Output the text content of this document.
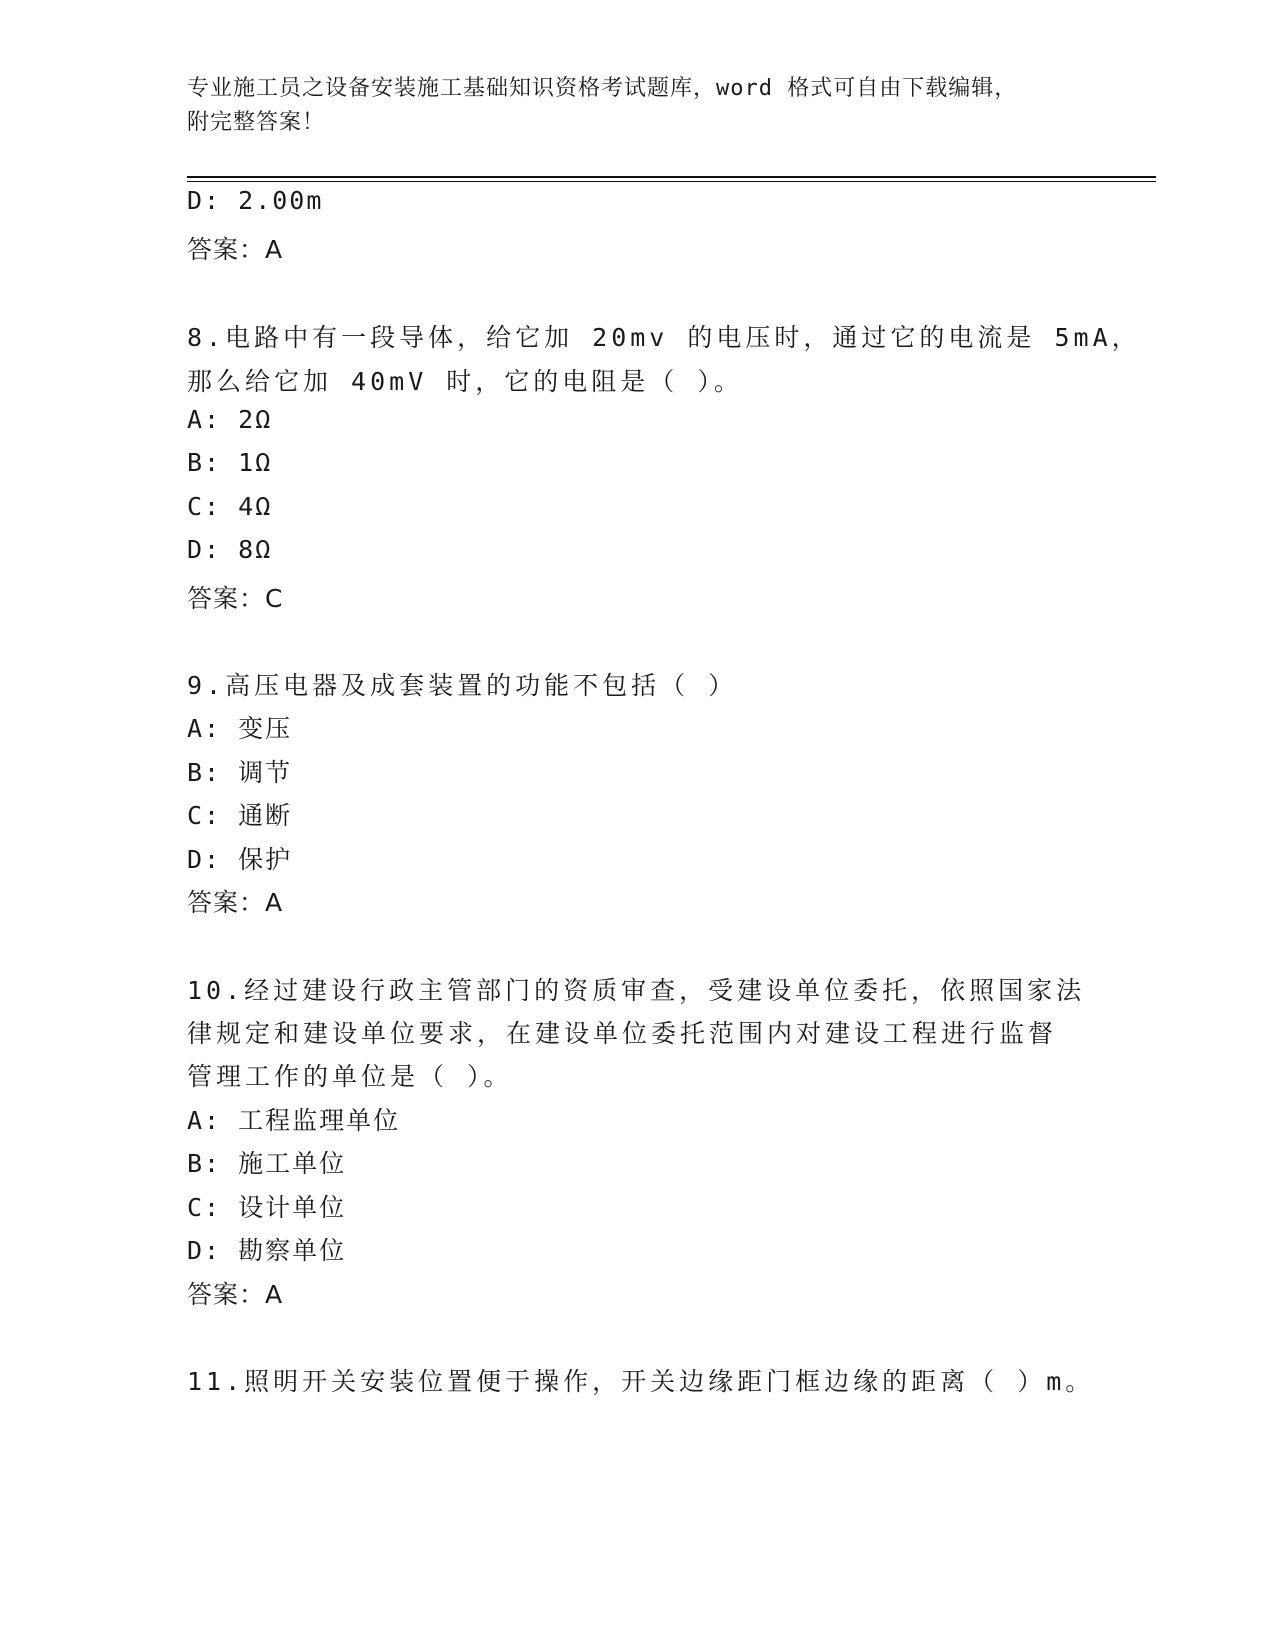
专业施工员之设备安装施工基础知识资格考试题库，word 格式可自由下载编辑，
附完整答案！
D: 2.00m
答案：A
8.电路中有一段导体，给它加 20mv 的电压时，通过它的电流是 5mA，
那么给它加 40mV 时，它的电阻是（ ）。
A: 2Ω
B: 1Ω
C: 4Ω
D: 8Ω
答案：C
9.高压电器及成套装置的功能不包括（ ）
A: 变压
B: 调节
C: 通断
D: 保护
答案：A
10.经过建设行政主管部门的资质审查，受建设单位委托，依照国家法
律规定和建设单位要求，在建设单位委托范围内对建设工程进行监督
管理工作的单位是（ ）。
A: 工程监理单位
B: 施工单位
C: 设计单位
D: 勘察单位
答案：A
11.照明开关安装位置便于操作，开关边缘距门框边缘的距离（ ）m。
